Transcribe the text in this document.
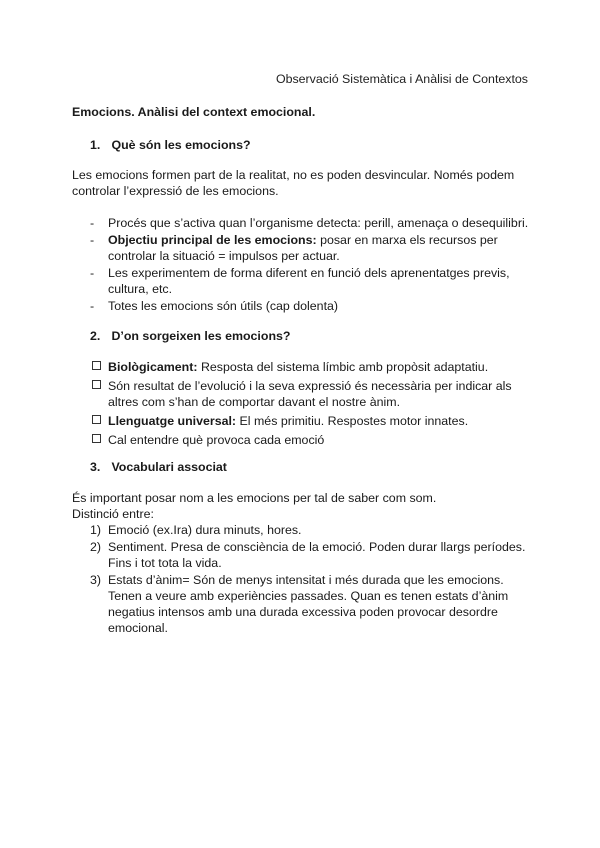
Observació Sistemàtica i Anàlisi de Contextos
Emocions. Anàlisi del context emocional.
1. Què són les emocions?

Les emocions formen part de la realitat, no es poden desvincular. Només podem controlar l’expressió de les emocions.

- Procés que s’activa quan l’organisme detecta: perill, amenaça o desequilibri.
- Objectiu principal de les emocions: posar en marxa els recursos per controlar la situació = impulsos per actuar.
- Les experimentem de forma diferent en funció dels aprenentatges previs, cultura, etc.
- Totes les emocions són útils (cap dolenta)
2. D’on sorgeixen les emocions?
Biològicament: Resposta del sistema límbic amb propòsit adaptatiu.
Són resultat de l’evolució i la seva expressió és necessària per indicar als altres com s’han de comportar davant el nostre ànim.
Llenguatge universal: El més primitiu. Respostes motor innates.
Cal entendre què provoca cada emoció
3. Vocabulari associat

És important posar nom a les emocions per tal de saber com som.

Distinció entre:

1) Emoció (ex.Ira) dura minuts, hores.
2) Sentiment. Presa de consciència de la emoció. Poden durar llargs períodes. Fins i tot tota la vida.
3) Estats d’ànim= Són de menys intensitat i més durada que les emocions. Tenen a veure amb experiències passades. Quan es tenen estats d’ànim negatius intensos amb una durada excessiva poden provocar desordre emocional.
